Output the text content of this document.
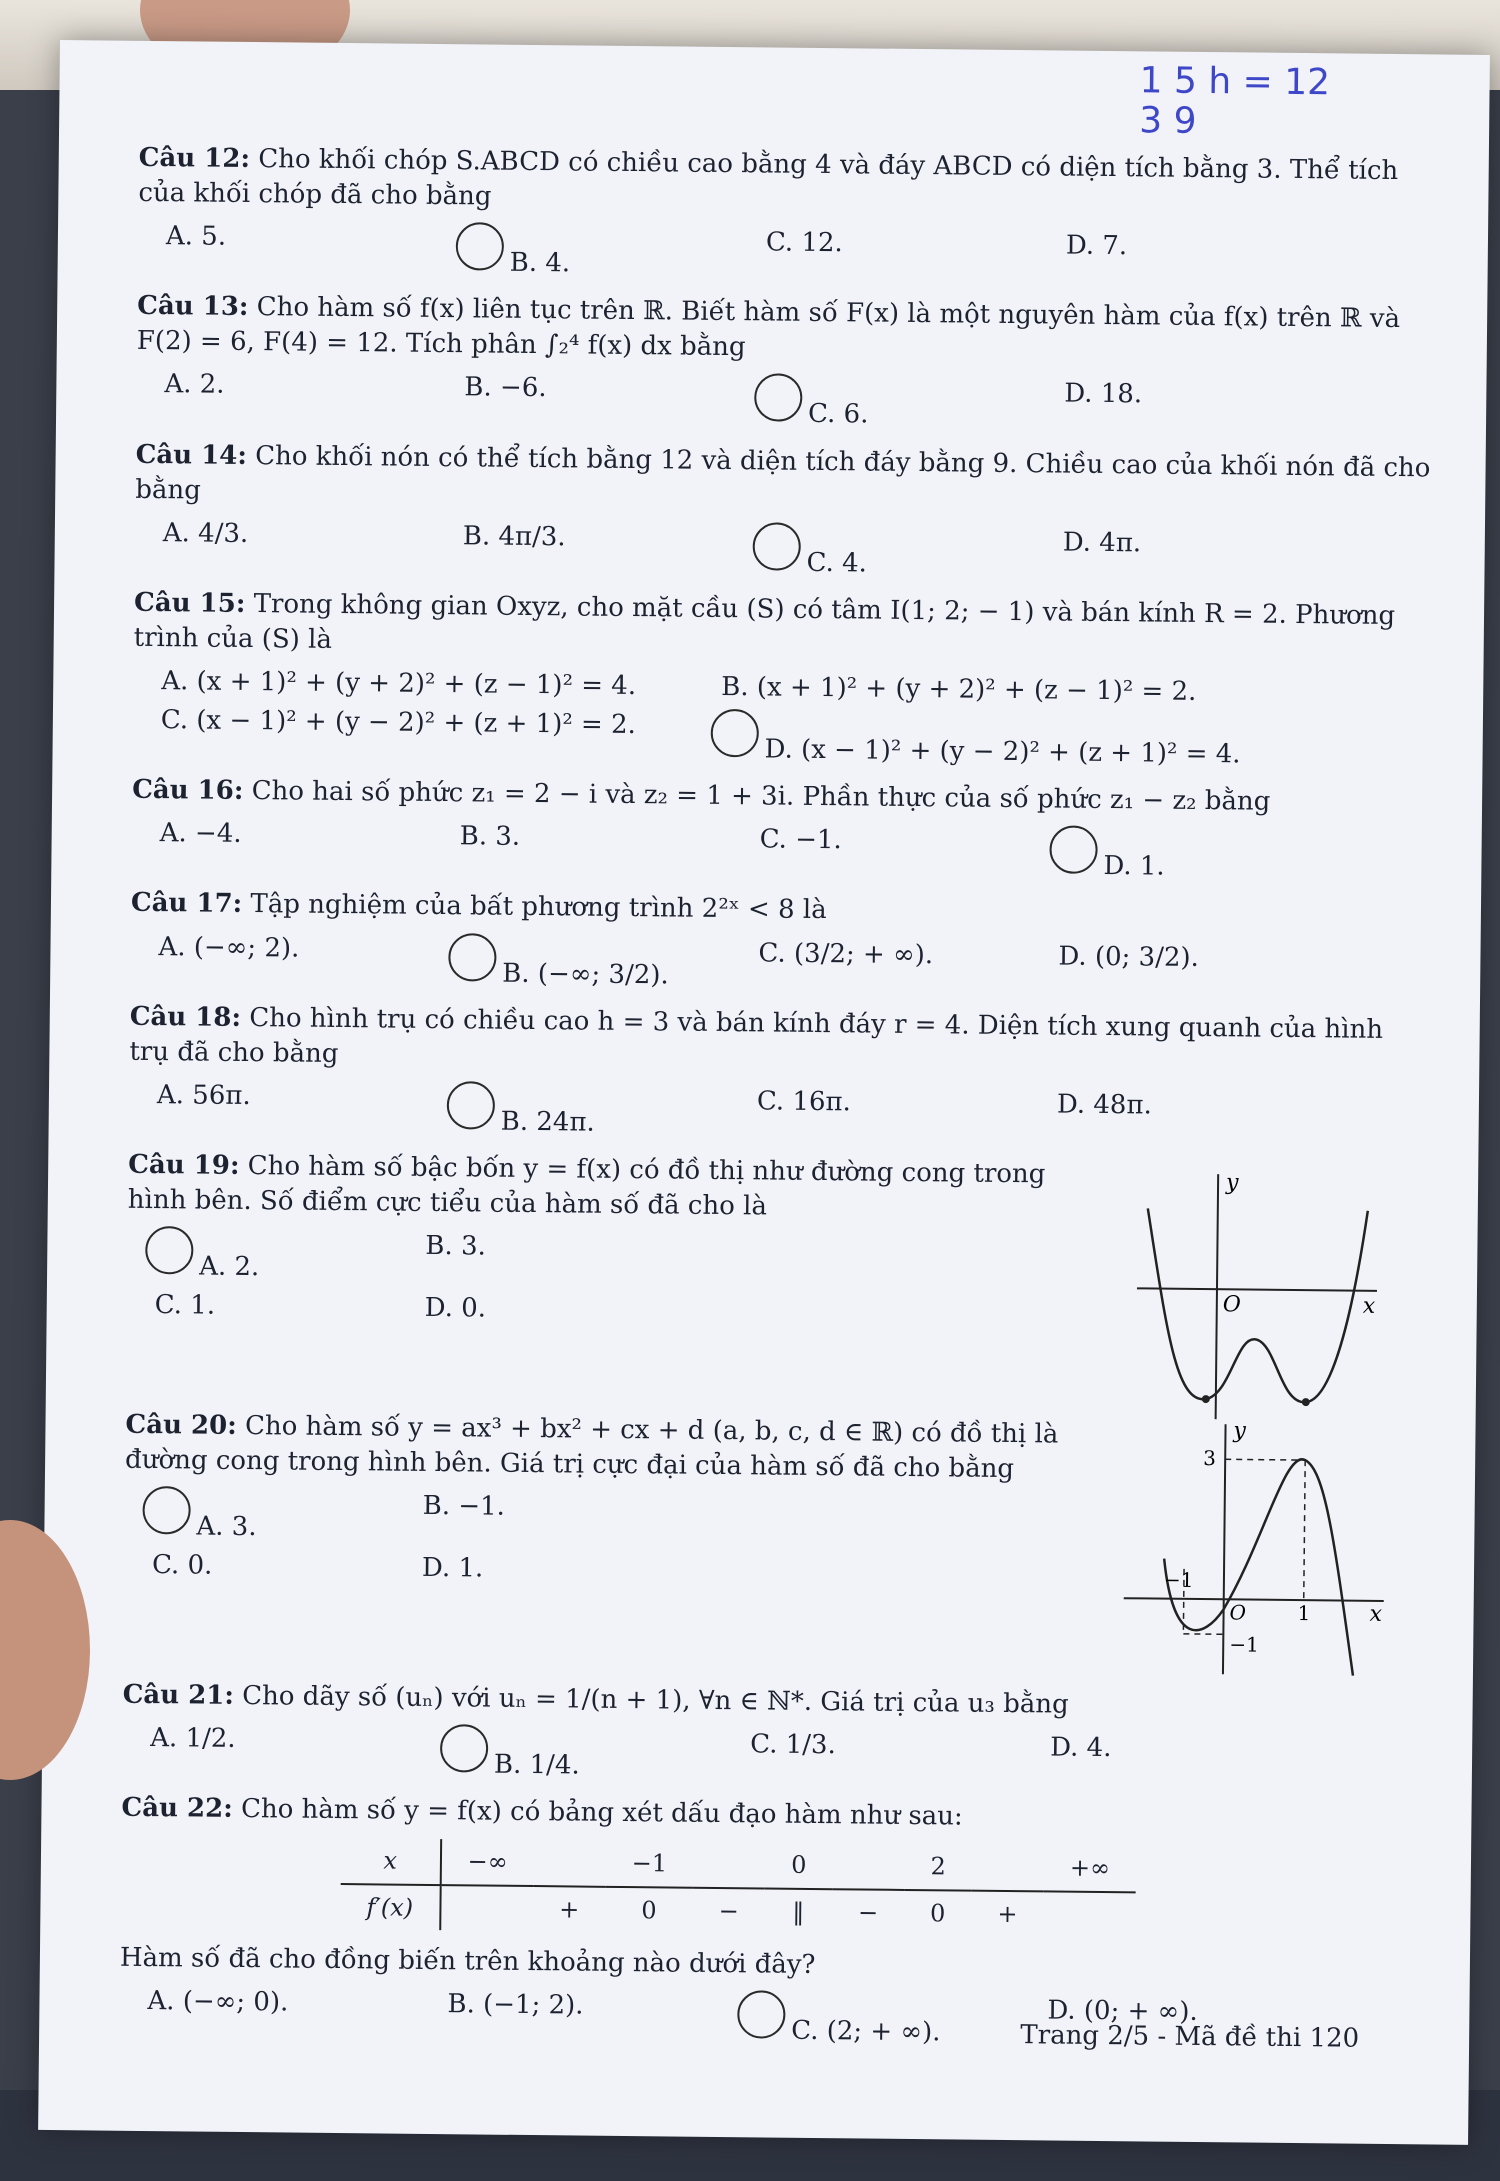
1 5 h = 12
3 9
Câu 12: Cho khối chóp S.ABCD có chiều cao bằng 4 và đáy ABCD có diện tích bằng 3. Thể tích của khối chóp đã cho bằng
A. 5.
B. 4.
C. 12.	D. 7.
Câu 13: Cho hàm số f(x) liên tục trên ℝ. Biết hàm số F(x) là một nguyên hàm của f(x) trên ℝ và F(2) = 6, F(4) = 12. Tích phân ∫₂⁴ f(x) dx bằng
A. 2.	B. −6.
C. 6.
D. 18.
Câu 14: Cho khối nón có thể tích bằng 12 và diện tích đáy bằng 9. Chiều cao của khối nón đã cho bằng
A. 4/3.	B. 4π/3.
C. 4.
D. 4π.
Câu 15: Trong không gian Oxyz, cho mặt cầu (S) có tâm I(1; 2; − 1) và bán kính R = 2. Phương trình của (S) là
A. (x + 1)² + (y + 2)² + (z − 1)² = 4.	B. (x + 1)² + (y + 2)² + (z − 1)² = 2.
C. (x − 1)² + (y − 2)² + (z + 1)² = 2.
D. (x − 1)² + (y − 2)² + (z + 1)² = 4.
Câu 16: Cho hai số phức z₁ = 2 − i và z₂ = 1 + 3i. Phần thực của số phức z₁ − z₂ bằng
A. −4.	B. 3.	C. −1.
D. 1.
Câu 17: Tập nghiệm của bất phương trình 2²ˣ < 8 là
A. (−∞; 2).
B. (−∞; 3/2).
C. (3/2; + ∞).	D. (0; 3/2).
Câu 18: Cho hình trụ có chiều cao h = 3 và bán kính đáy r = 4. Diện tích xung quanh của hình trụ đã cho bằng
A. 56π.
B. 24π.
C. 16π.	D. 48π.
Câu 19: Cho hàm số bậc bốn y = f(x) có đồ thị như đường cong trong hình bên. Số điểm cực tiểu của hàm số đã cho là
A. 2.
B. 3.
C. 1.	D. 0.
y
x
O
Câu 20: Cho hàm số y = ax³ + bx² + cx + d (a, b, c, d ∈ ℝ) có đồ thị là đường cong trong hình bên. Giá trị cực đại của hàm số đã cho bằng
A. 3.
B. −1.
C. 0.	D. 1.
y
3
−1
O	1	x
−1
Câu 21: Cho dãy số (uₙ) với uₙ = 1/(n + 1), ∀n ∈ ℕ*. Giá trị của u₃ bằng
A. 1/2.
B. 1/4.
C. 1/3.	D. 4.
Câu 22: Cho hàm số y = f(x) có bảng xét dấu đạo hàm như sau:
x	−∞		−1		0		2		+∞
f′(x)		+	0	−	‖	−	0	+	
Hàm số đã cho đồng biến trên khoảng nào dưới đây?
A. (−∞; 0).	B. (−1; 2).
C. (2; + ∞).
D. (0; + ∞).
Trang 2/5 - Mã đề thi 120
